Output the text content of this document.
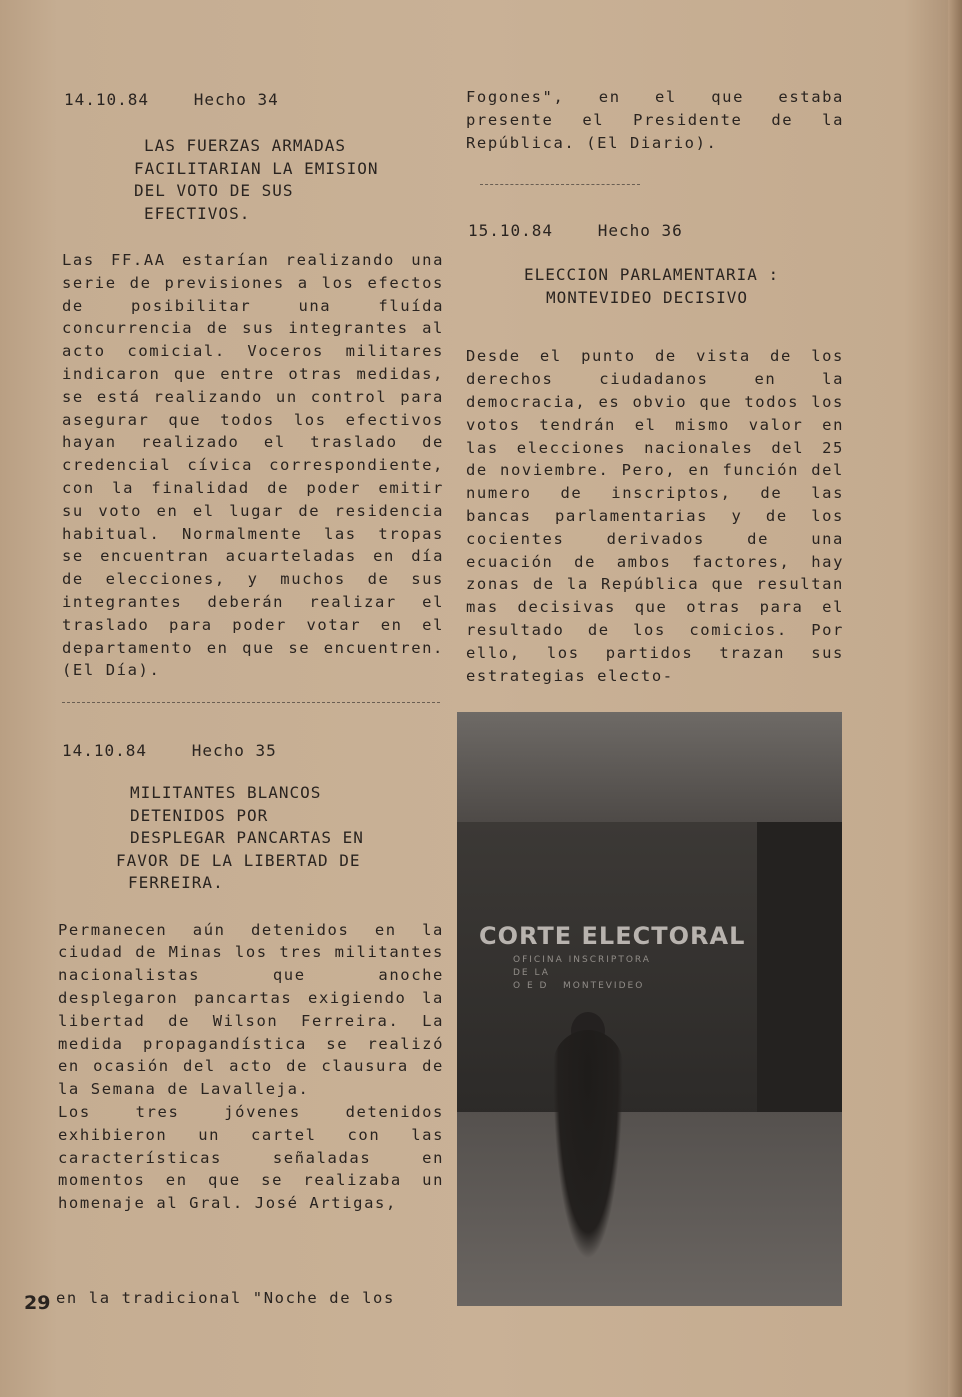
14.10.84	Hecho 34
LAS FUERZAS ARMADAS
FACILITARIAN LA EMISION
DEL VOTO DE SUS
EFECTIVOS.
Las FF.AA estarían realizando una serie de previsiones a los efectos de posibilitar una fluída concurrencia de sus integrantes al acto comicial. Voceros militares indicaron que entre otras medidas, se está realizando un control para asegurar que todos los efectivos hayan realizado el traslado de credencial cívica correspondiente, con la finalidad de poder emitir su voto en el lugar de residencia habitual. Normalmente las tropas se encuentran acuarteladas en día de elecciones, y muchos de sus integrantes deberán realizar el traslado para poder votar en el departamento en que se encuentren. (El Día).
14.10.84	Hecho 35
MILITANTES BLANCOS
DETENIDOS POR
DESPLEGAR PANCARTAS EN
FAVOR DE LA LIBERTAD DE
FERREIRA.
Permanecen aún detenidos en la ciudad de Minas los tres militantes nacionalistas que anoche desplegaron pancartas exigiendo la libertad de Wilson Ferreira. La medida propagandística se realizó en ocasión del acto de clausura de la Semana de Lavalleja.
Los tres jóvenes detenidos exhibieron un cartel con las características señaladas en momentos en que se realizaba un homenaje al Gral. José Artigas,
en la tradicional "Noche de los
Fogones", en el que estaba presente el Presidente de la República. (El Diario).
15.10.84	Hecho 36
ELECCION PARLAMENTARIA :
MONTEVIDEO DECISIVO
Desde el punto de vista de los derechos ciudadanos en la democracia, es obvio que todos los votos tendrán el mismo valor en las elecciones nacionales del 25 de noviembre. Pero, en función del numero de inscriptos, de las bancas parlamentarias y de los cocientes derivados de una ecuación de ambos factores, hay zonas de la República que resultan mas decisivas que otras para el resultado de los comicios. Por ello, los partidos trazan sus estrategias electo-
CORTE ELECTORAL
OFICINA INSCRIPTORA
DE LA
O E D   MONTEVIDEO
29
